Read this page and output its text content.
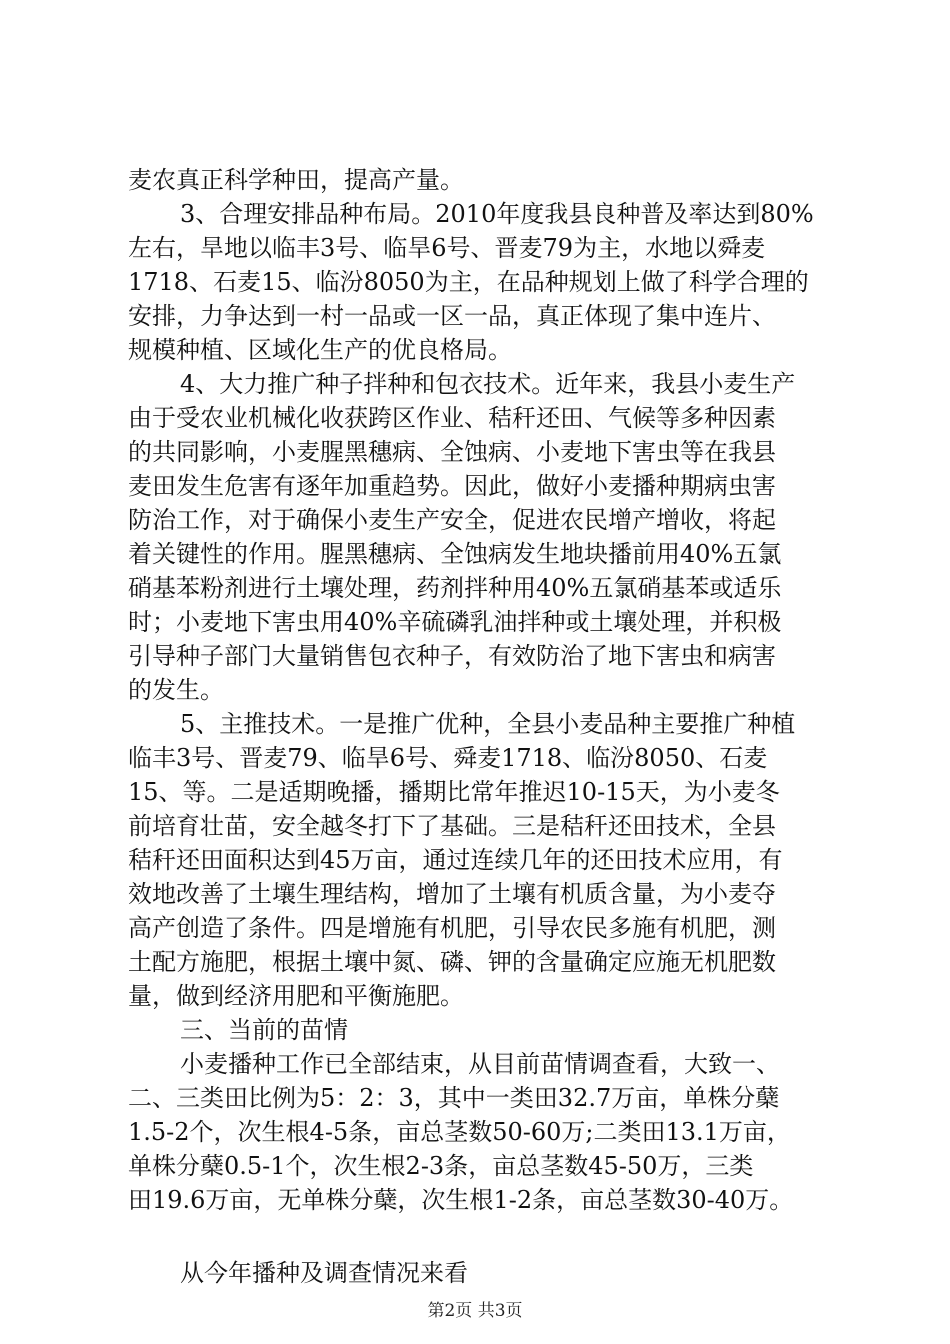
麦农真正科学种田，提高产量。
3、合理安排品种布局。2010年度我县良种普及率达到80%
左右，旱地以临丰3号、临旱6号、晋麦79为主，水地以舜麦
1718、石麦15、临汾8050为主，在品种规划上做了科学合理的
安排，力争达到一村一品或一区一品，真正体现了集中连片、
规模种植、区域化生产的优良格局。
4、大力推广种子拌种和包衣技术。近年来，我县小麦生产
由于受农业机械化收获跨区作业、秸秆还田、气候等多种因素
的共同影响，小麦腥黑穗病、全蚀病、小麦地下害虫等在我县
麦田发生危害有逐年加重趋势。因此，做好小麦播种期病虫害
防治工作，对于确保小麦生产安全，促进农民增产增收，将起
着关键性的作用。腥黑穗病、全蚀病发生地块播前用40%五氯
硝基苯粉剂进行土壤处理，药剂拌种用40%五氯硝基苯或适乐
时；小麦地下害虫用40%辛硫磷乳油拌种或土壤处理，并积极
引导种子部门大量销售包衣种子，有效防治了地下害虫和病害
的发生。
5、主推技术。一是推广优种，全县小麦品种主要推广种植
临丰3号、晋麦79、临旱6号、舜麦1718、临汾8050、石麦
15、等。二是适期晚播，播期比常年推迟10-15天，为小麦冬
前培育壮苗，安全越冬打下了基础。三是秸秆还田技术，全县
秸秆还田面积达到45万亩，通过连续几年的还田技术应用，有
效地改善了土壤生理结构，增加了土壤有机质含量，为小麦夺
高产创造了条件。四是增施有机肥，引导农民多施有机肥，测
土配方施肥，根据土壤中氮、磷、钾的含量确定应施无机肥数
量，做到经济用肥和平衡施肥。
三、当前的苗情
小麦播种工作已全部结束，从目前苗情调查看，大致一、
二、三类田比例为5：2：3，其中一类田32.7万亩，单株分蘖
1.5-2个，次生根4-5条，亩总茎数50-60万;二类田13.1万亩，
单株分蘖0.5-1个，次生根2-3条，亩总茎数45-50万，三类
田19.6万亩，无单株分蘖，次生根1-2条，亩总茎数30-40万。
从今年播种及调查情况来看
第2页 共3页
